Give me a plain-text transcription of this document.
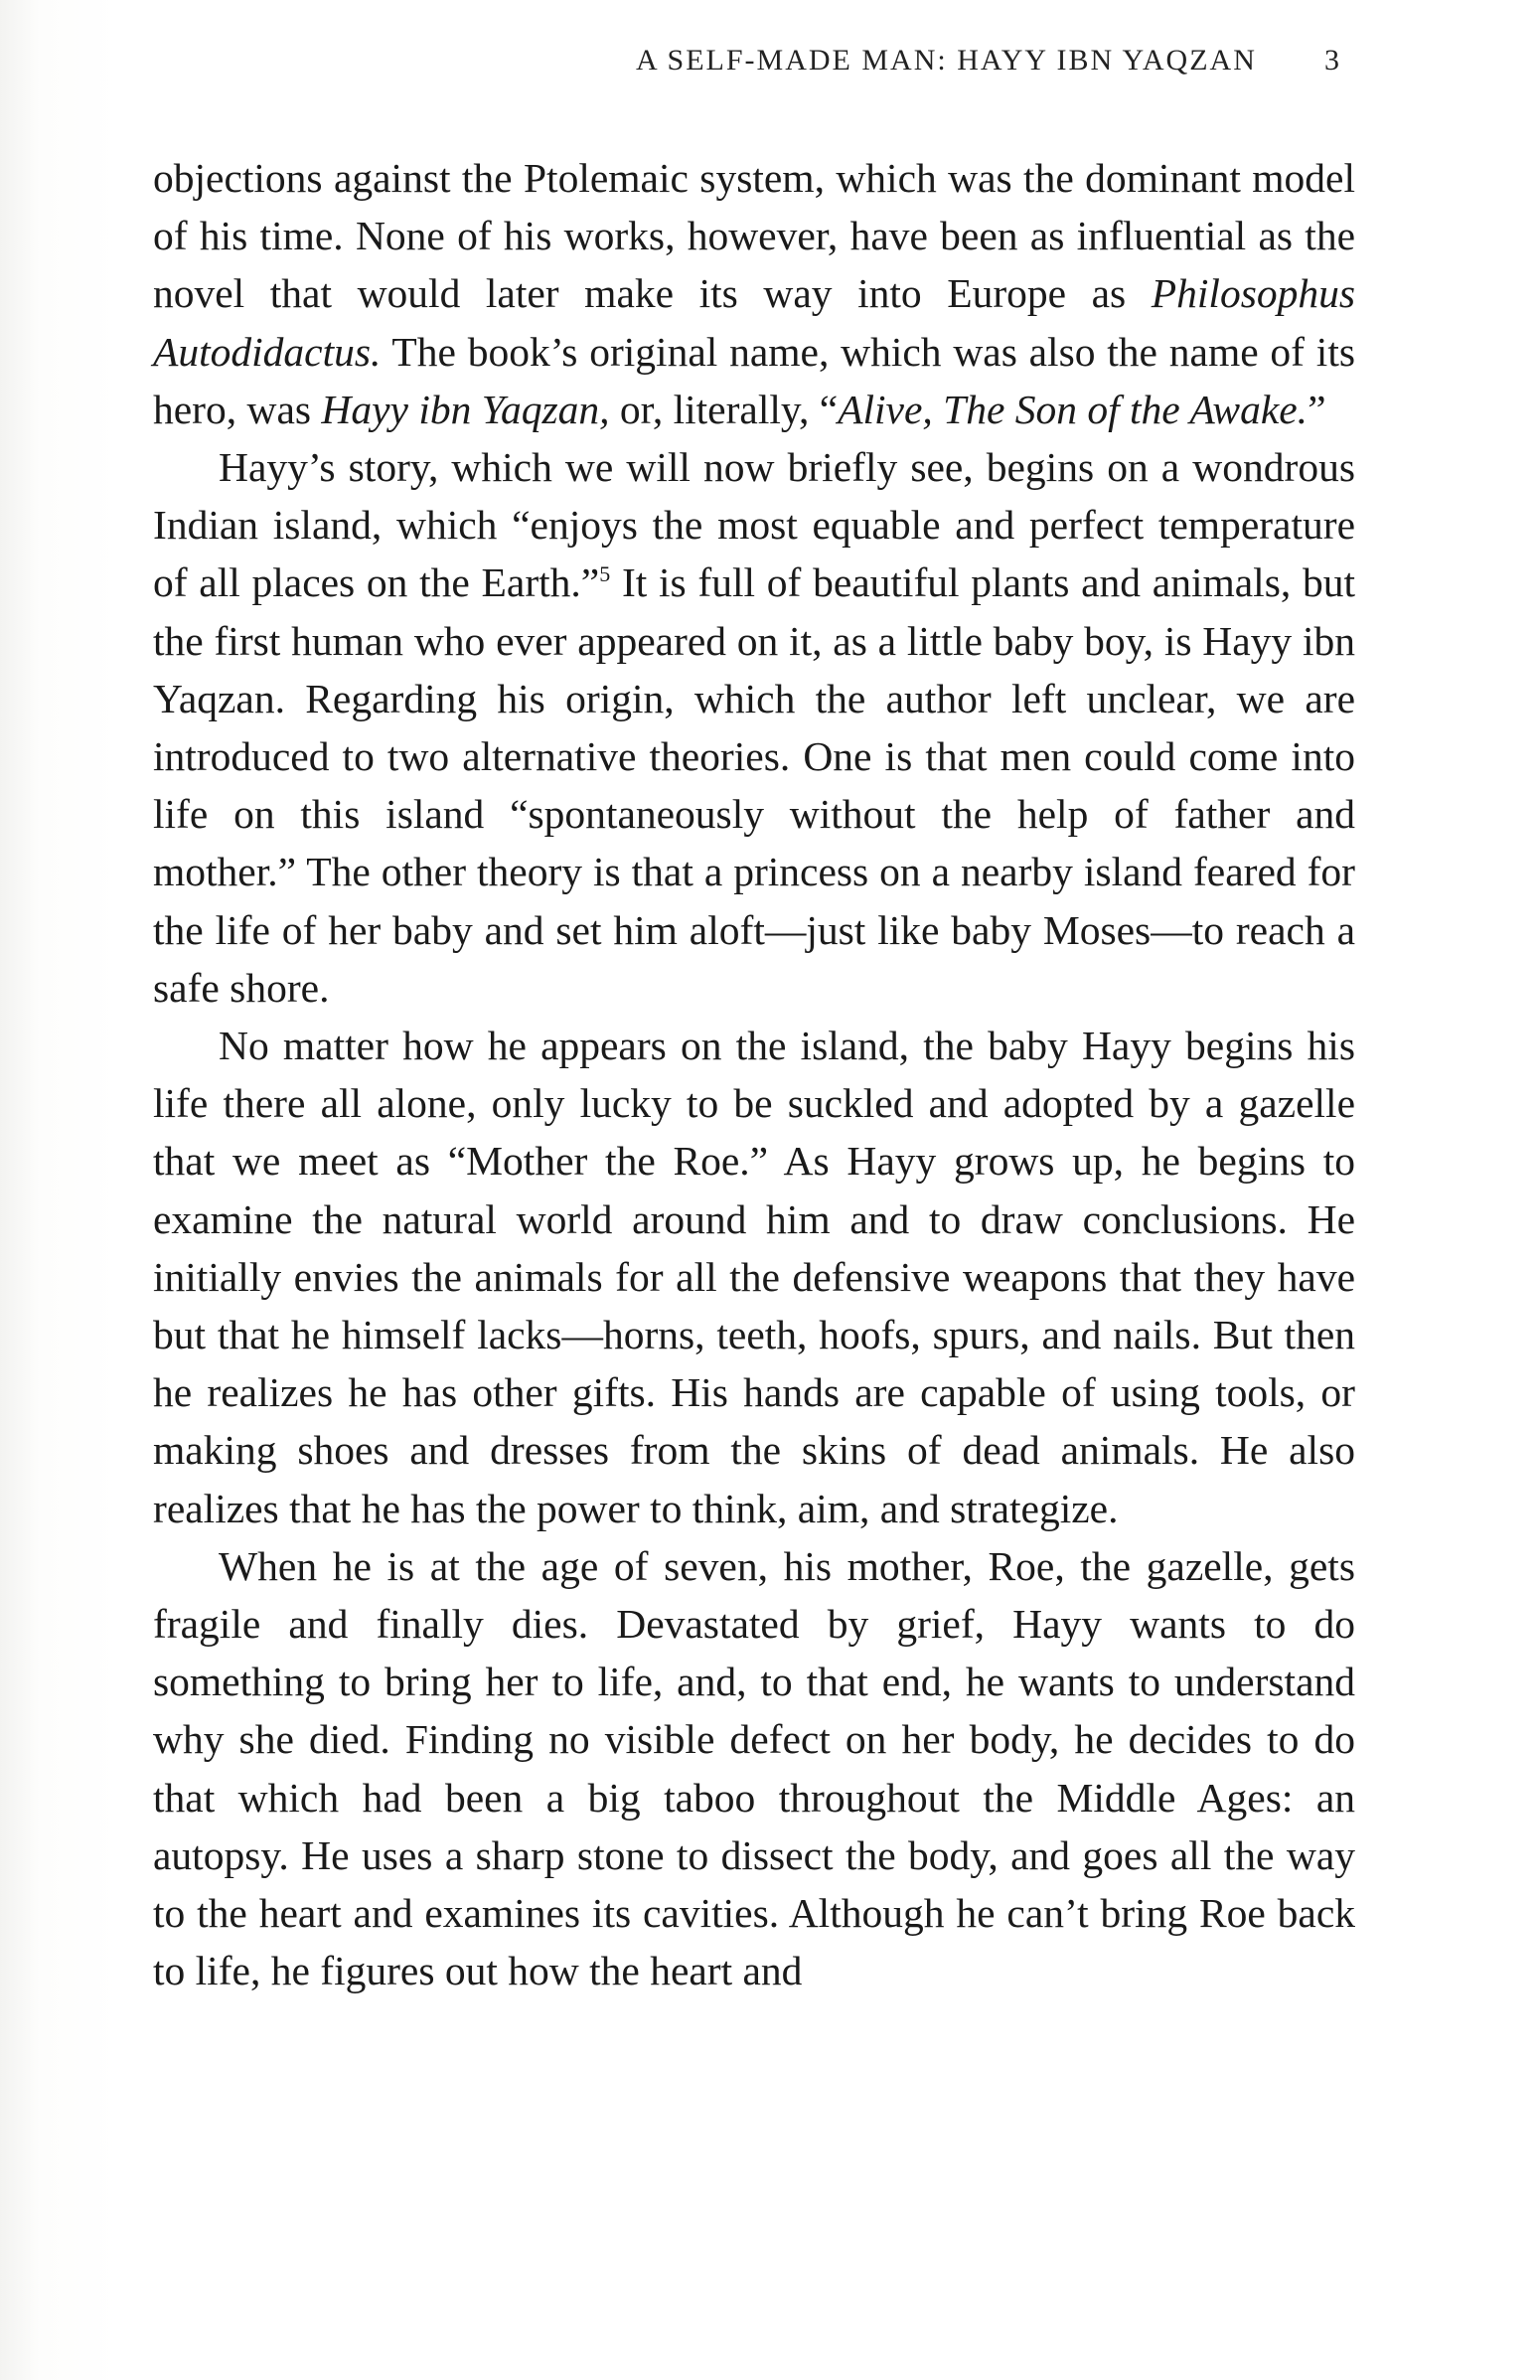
A SELF-MADE MAN: HAYY IBN YAQZAN 3

objections against the Ptolemaic system, which was the dominant model of his time. None of his works, however, have been as influential as the novel that would later make its way into Europe as Philosophus Autodidactus. The book’s original name, which was also the name of its hero, was Hayy ibn Yaqzan, or, literally, “Alive, The Son of the Awake.”

Hayy’s story, which we will now briefly see, begins on a wondrous Indian island, which “enjoys the most equable and perfect temperature of all places on the Earth.”$^5$ It is full of beautiful plants and animals, but the first human who ever appeared on it, as a little baby boy, is Hayy ibn Yaqzan. Regarding his origin, which the author left unclear, we are introduced to two alternative theories. One is that men could come into life on this island “spontaneously without the help of father and mother.” The other theory is that a princess on a nearby island feared for the life of her baby and set him aloft—just like baby Moses—to reach a safe shore.

No matter how he appears on the island, the baby Hayy begins his life there all alone, only lucky to be suckled and adopted by a gazelle that we meet as “Mother the Roe.” As Hayy grows up, he begins to examine the natural world around him and to draw conclusions. He initially envies the animals for all the defensive weapons that they have but that he himself lacks—horns, teeth, hoofs, spurs, and nails. But then he realizes he has other gifts. His hands are capable of using tools, or making shoes and dresses from the skins of dead animals. He also realizes that he has the power to think, aim, and strategize.

When he is at the age of seven, his mother, Roe, the gazelle, gets fragile and finally dies. Devastated by grief, Hayy wants to do something to bring her to life, and, to that end, he wants to understand why she died. Finding no visible defect on her body, he decides to do that which had been a big taboo throughout the Middle Ages: an autopsy. He uses a sharp stone to dissect the body, and goes all the way to the heart and examines its cavities. Although he can’t bring Roe back to life, he figures out how the heart and
